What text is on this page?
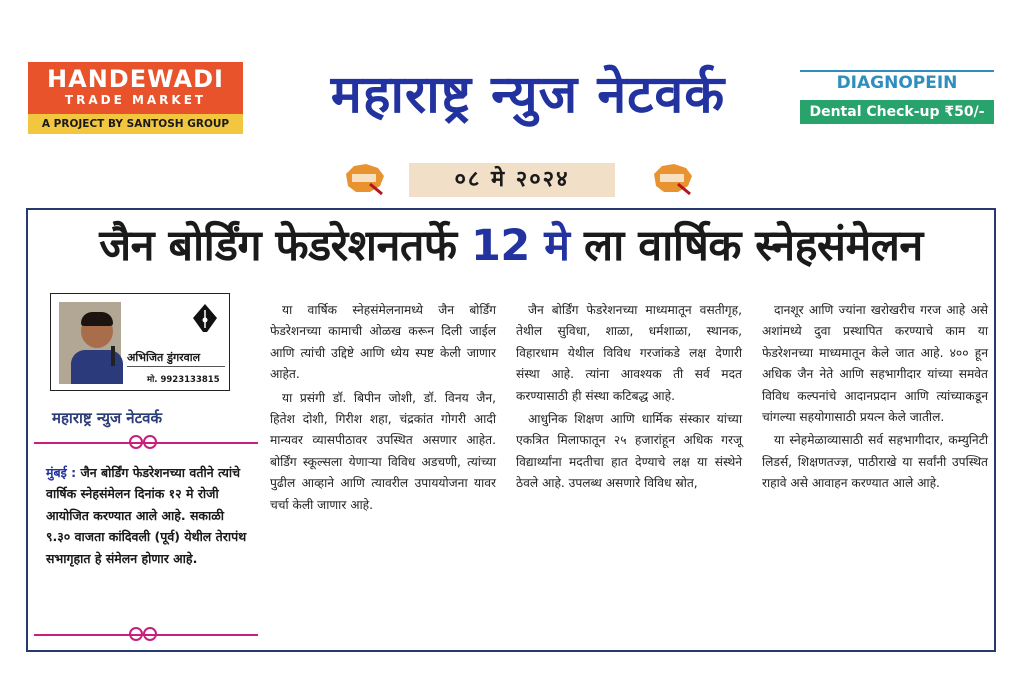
HANDEWADI
TRADE MARKET
A PROJECT BY SANTOSH GROUP	महाराष्ट्र न्युज नेटवर्क	DIAGNOPEIN
Dental Check-up ₹50/-
०८ मे २०२४
जैन बोर्डिंग फेडरेशनतर्फे 12 मे ला वार्षिक स्नेहसंमेलन
अभिजित डुंगरवाल
मो. 9923133815
महाराष्ट्र न्युज नेटवर्क

मुंबई : जैन बोर्डिंग फेडरेशनच्या वतीने त्यांचे वार्षिक स्नेहसंमेलन दिनांक १२ मे रोजी आयोजित करण्यात आले आहे. सकाळी ९.३० वाजता कांदिवली (पूर्व) येथील तेरापंथ सभागृहात हे संमेलन होणार आहे.

या वार्षिक स्नेहसंमेलनामध्ये जैन बोर्डिंग फेडरेशनच्या कामाची ओळख करून दिली जाईल आणि त्यांची उद्दिष्टे आणि ध्येय स्पष्ट केली जाणार आहेत.

या प्रसंगी डॉ. बिपीन जोशी, डॉ. विनय जैन, हितेश दोशी, गिरीश शहा, चंद्रकांत गोगरी आदी मान्यवर व्यासपीठावर उपस्थित असणार आहेत. बोर्डिंग स्कूल्सला येणाऱ्या विविध अडचणी, त्यांच्या पुढील आव्हाने आणि त्यावरील उपाययोजना यावर चर्चा केली जाणार आहे.

जैन बोर्डिंग फेडरेशनच्या माध्यमातून वसतीगृह, तेथील सुविधा, शाळा, धर्मशाळा, स्थानक, विहारधाम येथील विविध गरजांकडे लक्ष देणारी संस्था आहे. त्यांना आवश्यक ती सर्व मदत करण्यासाठी ही संस्था कटिबद्ध आहे.

आधुनिक शिक्षण आणि धार्मिक संस्कार यांच्या एकत्रित मिलाफातून २५ हजारांहून अधिक गरजू विद्यार्थ्यांना मदतीचा हात देण्याचे लक्ष या संस्थेने ठेवले आहे. उपलब्ध असणारे विविध स्रोत,

दानशूर आणि ज्यांना खरोखरीच गरज आहे असे अशांमध्ये दुवा प्रस्थापित करण्याचे काम या फेडरेशनच्या माध्यमातून केले जात आहे. ४०० हून अधिक जैन नेते आणि सहभागीदार यांच्या समवेत विविध कल्पनांचे आदानप्रदान आणि त्यांच्याकडून चांगल्या सहयोगासाठी प्रयत्न केले जातील.

या स्नेहमेळाव्यासाठी सर्व सहभागीदार, कम्युनिटी लिडर्स, शिक्षणतज्ज्ञ, पाठीराखे या सर्वांनी उपस्थित राहावे असे आवाहन करण्यात आले आहे.
